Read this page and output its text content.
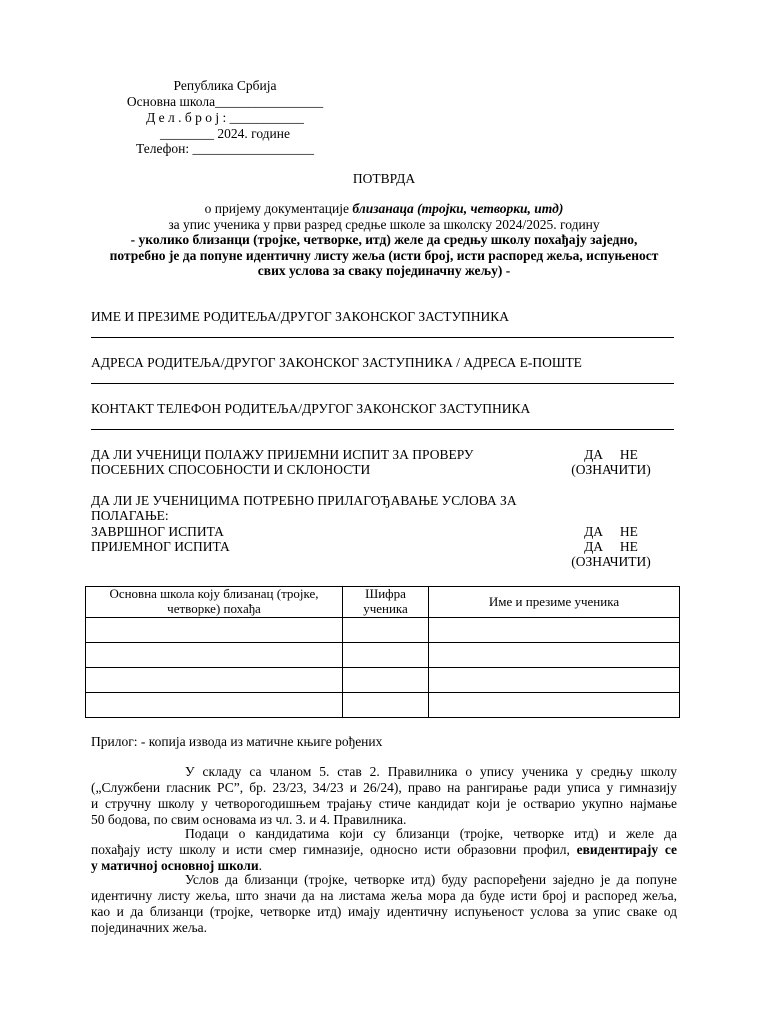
Република Србија
Основна школа________________
Д е л . б р о ј : ___________
________ 2024. године
Телефон: __________________
ПОТВРДА
о пријему документације близанаца (тројки, четворки, итд)
за упис ученика у први разред средње школе за школску 2024/2025. годину
- уколико близанци (тројке, четворке, итд) желе да средњу школу похађају заједно,
потребно је да попуне идентичну листу жеља (исти број, исти распоред жеља, испуњеност
свих услова за сваку појединачну жељу) -
ИМЕ И ПРЕЗИМЕ РОДИТЕЉА/ДРУГОГ ЗАКОНСКОГ ЗАСТУПНИКА
АДРЕСА РОДИТЕЉА/ДРУГОГ ЗАКОНСКОГ ЗАСТУПНИКА / АДРЕСА Е-ПОШТЕ
КОНТАКТ ТЕЛЕФОН РОДИТЕЉА/ДРУГОГ ЗАКОНСКОГ ЗАСТУПНИКА
ДА ЛИ УЧЕНИЦИ ПОЛАЖУ ПРИЈЕМНИ ИСПИТ ЗА ПРОВЕРУ
ПОСЕБНИХ СПОСОБНОСТИ И СКЛОНОСТИ
ДА     НЕ
(ОЗНАЧИТИ)
ДА ЛИ ЈЕ УЧЕНИЦИМА ПОТРЕБНО ПРИЛАГОЂАВАЊЕ УСЛОВА ЗА
ПОЛАГАЊЕ:
ЗАВРШНОГ ИСПИТА
ПРИЈЕМНОГ ИСПИТА
ДА     НЕ
ДА     НЕ
(ОЗНАЧИТИ)
Основна школа коју близанац (тројке, четворке) похађа	Шифра ученика	Име и презиме ученика

Прилог: - копија извода из матичне књиге рођених

У складу са чланом 5. став 2. Правилника о упису ученика у средњу школу

(„Службени гласник РС”, бр. 23/23, 34/23 и 26/24), право на рангирање ради уписа у гимназију

и стручну школу у четворогодишњем трајању стиче кандидат који је остварио укупно најмање

50 бодова, по свим основама из чл. 3. и 4. Правилника.

Подаци о кандидатима који су близанци (тројке, четворке итд) и желе да

похађају исту школу и исти смер гимназије, односно исти образовни профил, евидентирају се

у матичној основној школи.

Услов да близанци (тројке, четворке итд) буду распоређени заједно је да попуне

идентичну листу жеља, што значи да на листама жеља мора да буде исти број и распоред жеља,

као и да близанци (тројке, четворке итд) имају идентичну испуњеност услова за упис сваке од

појединачних жеља.
